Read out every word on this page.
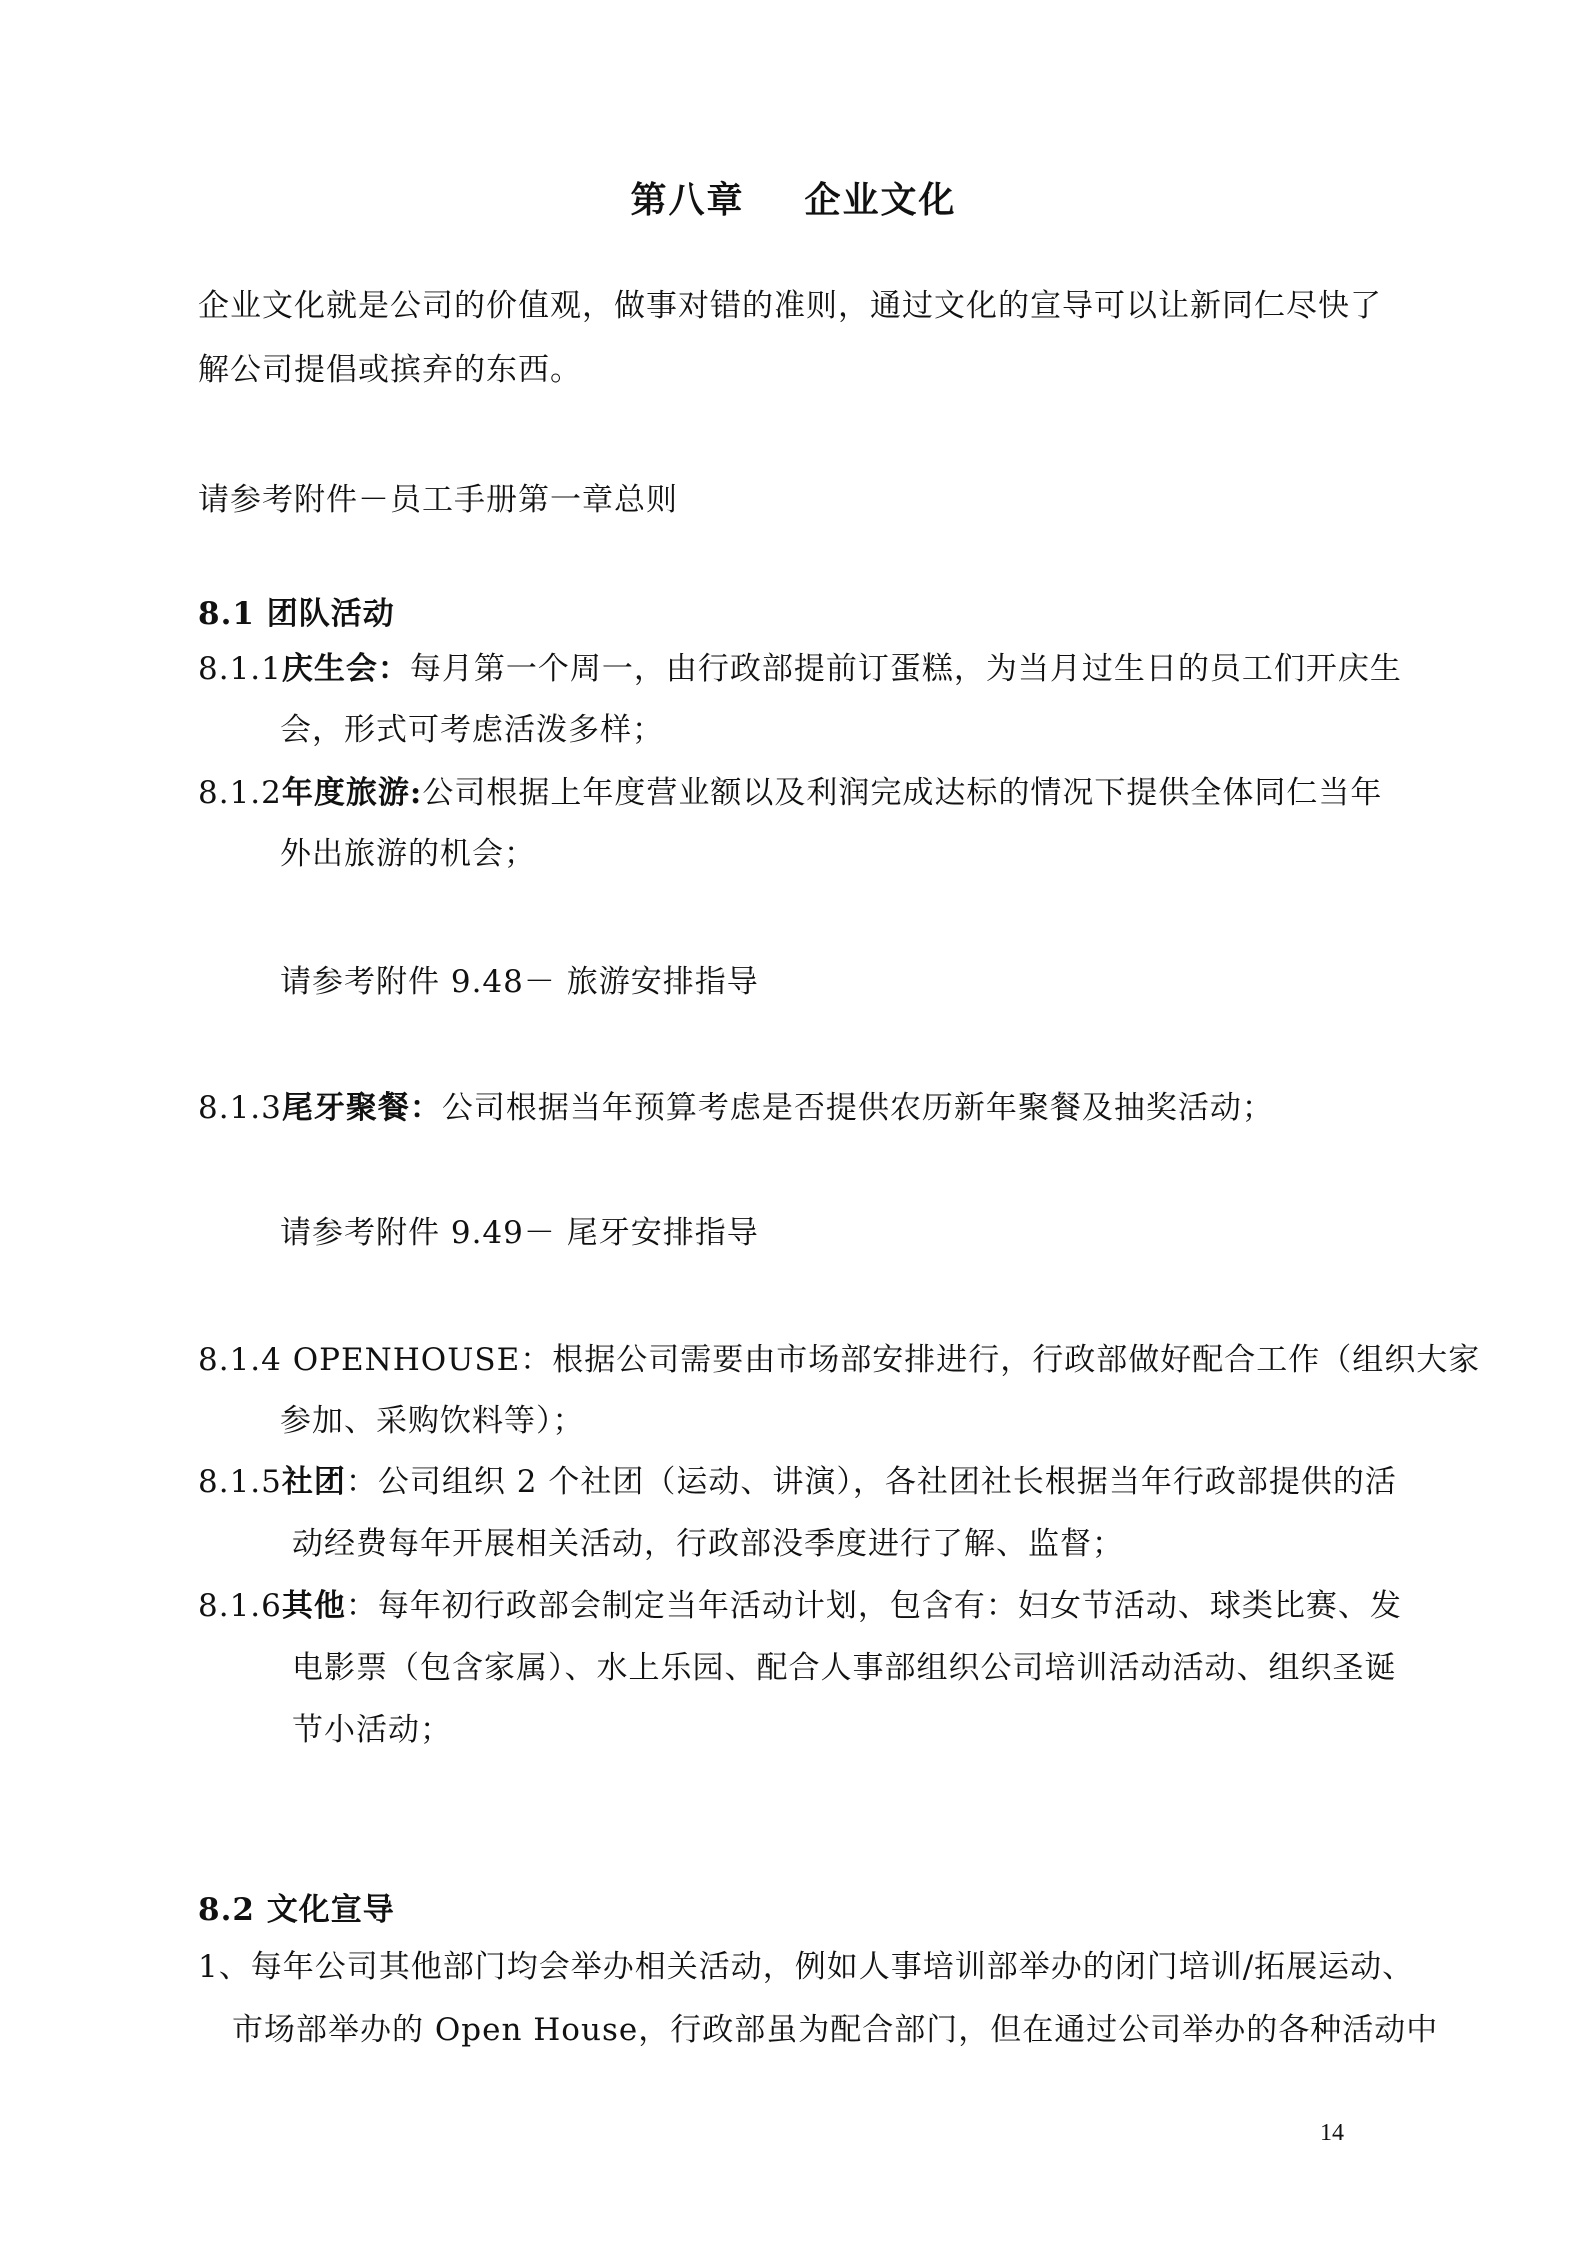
第八章 企业文化
企业文化就是公司的价值观，做事对错的准则，通过文化的宣导可以让新同仁尽快了
解公司提倡或摈弃的东西。
请参考附件－员工手册第一章总则
8.1 团队活动
8.1.1庆生会：每月第一个周一，由行政部提前订蛋糕，为当月过生日的员工们开庆生
会，形式可考虑活泼多样；
8.1.2年度旅游:公司根据上年度营业额以及利润完成达标的情况下提供全体同仁当年
外出旅游的机会；
请参考附件 9.48－ 旅游安排指导
8.1.3尾牙聚餐：公司根据当年预算考虑是否提供农历新年聚餐及抽奖活动；
请参考附件 9.49－ 尾牙安排指导
8.1.4 OPENHOUSE：根据公司需要由市场部安排进行，行政部做好配合工作（组织大家
参加、采购饮料等）；
8.1.5社团：公司组织 2 个社团（运动、讲演），各社团社长根据当年行政部提供的活
动经费每年开展相关活动，行政部没季度进行了解、监督；
8.1.6其他：每年初行政部会制定当年活动计划，包含有：妇女节活动、球类比赛、发
电影票（包含家属）、水上乐园、配合人事部组织公司培训活动活动、组织圣诞
节小活动；
8.2 文化宣导
1、每年公司其他部门均会举办相关活动，例如人事培训部举办的闭门培训/拓展运动、
市场部举办的 Open House，行政部虽为配合部门，但在通过公司举办的各种活动中
14
